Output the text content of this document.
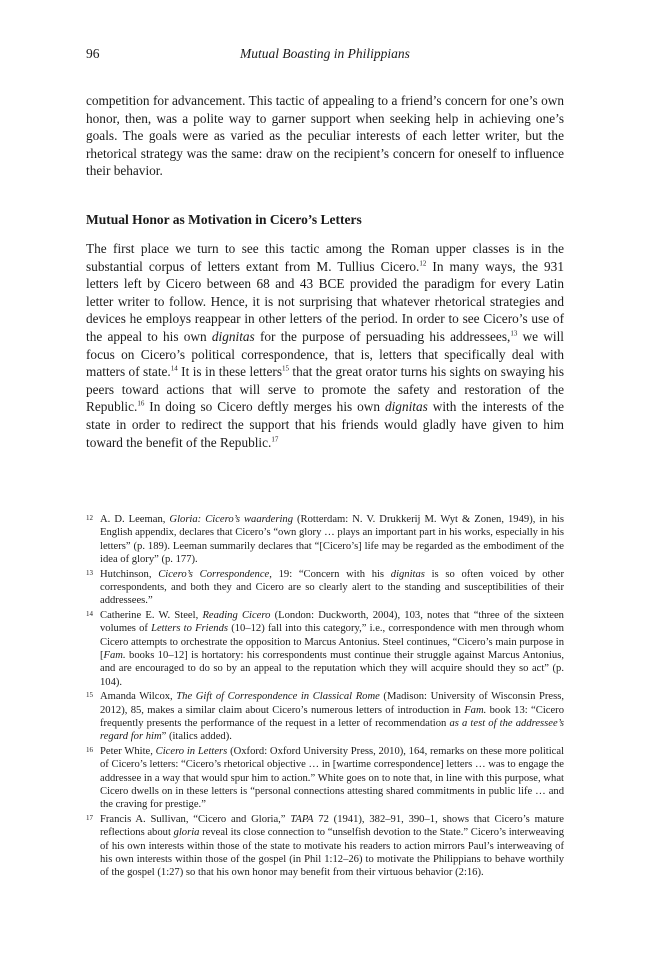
96	Mutual Boasting in Philippians

competition for advancement. This tactic of appealing to a friend’s concern for one’s own honor, then, was a polite way to garner support when seeking help in achieving one’s goals. The goals were as varied as the peculiar interests of each letter writer, but the rhetorical strategy was the same: draw on the recipient’s concern for oneself to influence their behavior.

Mutual Honor as Motivation in Cicero’s Letters

The first place we turn to see this tactic among the Roman upper classes is in the substantial corpus of letters extant from M. Tullius Cicero.$^{12}$ In many ways, the 931 letters left by Cicero between 68 and 43 BCE provided the paradigm for every Latin letter writer to follow. Hence, it is not surprising that whatever rhetorical strategies and devices he employs reappear in other letters of the period. In order to see Cicero’s use of the appeal to his own dignitas for the purpose of persuading his addressees,$^{13}$ we will focus on Cicero’s political correspondence, that is, letters that specifically deal with matters of state.$^{14}$ It is in these letters$^{15}$ that the great orator turns his sights on swaying his peers toward actions that will serve to promote the safety and restoration of the Republic.$^{16}$ In doing so Cicero deftly merges his own dignitas with the interests of the state in order to redirect the support that his friends would gladly have given to him toward the benefit of the Republic.$^{17}$

12 A. D. Leeman, Gloria: Cicero’s waardering (Rotterdam: N. V. Drukkerij M. Wyt & Zonen, 1949), in his English appendix, declares that Cicero’s “own glory … plays an important part in his works, especially in his letters” (p. 189). Leeman summarily declares that “[Cicero’s] life may be regarded as the embodiment of the idea of glory” (p. 177).

13 Hutchinson, Cicero’s Correspondence, 19: “Concern with his dignitas is so often voiced by other correspondents, and both they and Cicero are so clearly alert to the standing and susceptibilities of their addressees.”

14 Catherine E. W. Steel, Reading Cicero (London: Duckworth, 2004), 103, notes that “three of the sixteen volumes of Letters to Friends (10–12) fall into this category,” i.e., correspondence with men through whom Cicero attempts to orchestrate the opposition to Marcus Antonius. Steel continues, “Cicero’s main purpose in [Fam. books 10–12] is hortatory: his correspondents must continue their struggle against Marcus Antonius, and are encouraged to do so by an appeal to the reputation which they will acquire should they so act” (p. 104).

15 Amanda Wilcox, The Gift of Correspondence in Classical Rome (Madison: University of Wisconsin Press, 2012), 85, makes a similar claim about Cicero’s numerous letters of introduction in Fam. book 13: “Cicero frequently presents the performance of the request in a letter of recommendation as a test of the addressee’s regard for him” (italics added).

16 Peter White, Cicero in Letters (Oxford: Oxford University Press, 2010), 164, remarks on these more political of Cicero’s letters: “Cicero’s rhetorical objective … in [wartime correspondence] letters … was to engage the addressee in a way that would spur him to action.” White goes on to note that, in line with this purpose, what Cicero dwells on in these letters is “personal connections attesting shared commitments in public life … and the craving for prestige.”

17 Francis A. Sullivan, “Cicero and Gloria,” TAPA 72 (1941), 382–91, 390–1, shows that Cicero’s mature reflections about gloria reveal its close connection to “unselfish devotion to the State.” Cicero’s interweaving of his own interests within those of the state to motivate his readers to action mirrors Paul’s interweaving of his own interests within those of the gospel (in Phil 1:12–26) to motivate the Philippians to behave worthily of the gospel (1:27) so that his own honor may benefit from their virtuous behavior (2:16).
